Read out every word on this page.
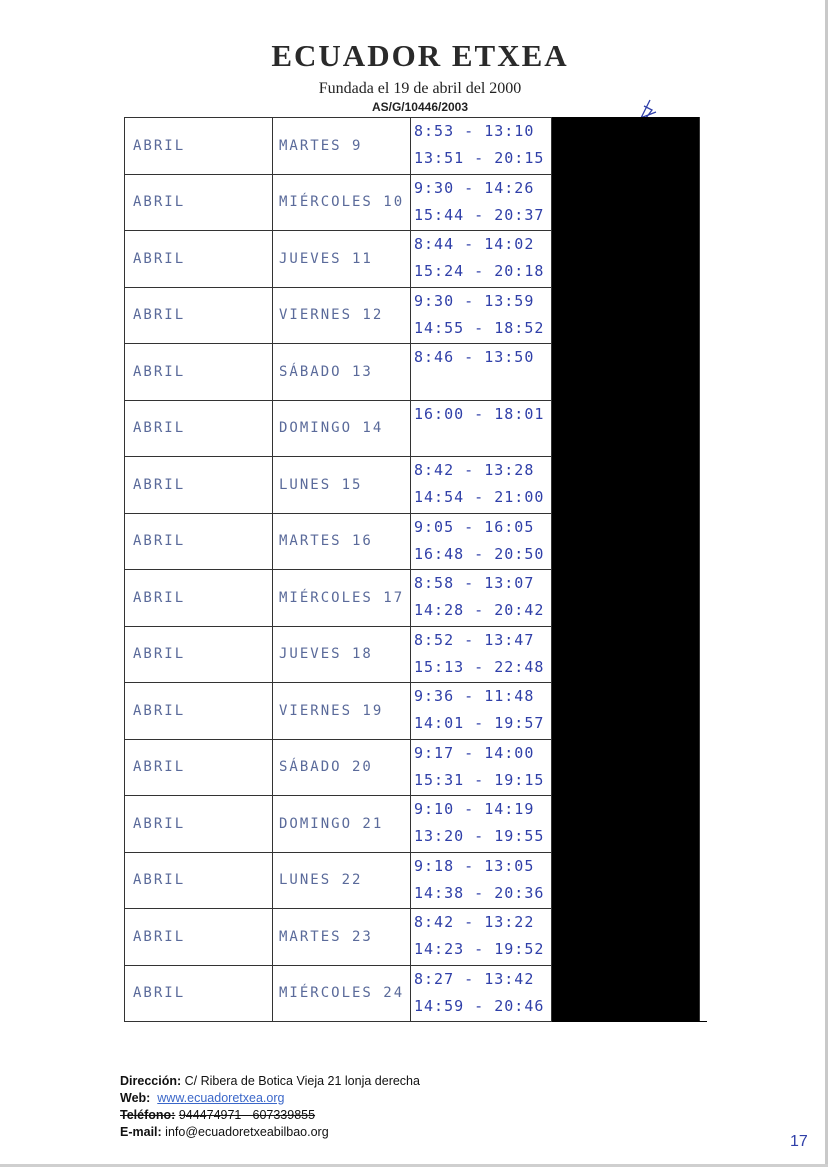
ECUADOR ETXEA
Fundada el 19 de abril del 2000
AS/G/10446/2003
ABRIL	MARTES 9	8:53 - 13:10
13:51 - 20:15	

ABRIL	MIÉRCOLES 10	9:30 - 14:26
15:44 - 20:37	

ABRIL	JUEVES 11	8:44 - 14:02
15:24 - 20:18	

ABRIL	VIERNES 12	9:30 - 13:59
14:55 - 18:52	

ABRIL	SÁBADO 13	8:46 - 13:50	

ABRIL	DOMINGO 14	16:00 - 18:01	

ABRIL	LUNES 15	8:42 - 13:28
14:54 - 21:00	

ABRIL	MARTES 16	9:05 - 16:05
16:48 - 20:50	

ABRIL	MIÉRCOLES 17	8:58 - 13:07
14:28 - 20:42	

ABRIL	JUEVES 18	8:52 - 13:47
15:13 - 22:48	

ABRIL	VIERNES 19	9:36 - 11:48
14:01 - 19:57	

ABRIL	SÁBADO 20	9:17 - 14:00
15:31 - 19:15	

ABRIL	DOMINGO 21	9:10 - 14:19
13:20 - 19:55	

ABRIL	LUNES 22	9:18 - 13:05
14:38 - 20:36	

ABRIL	MARTES 23	8:42 - 13:22
14:23 - 19:52	

ABRIL	MIÉRCOLES 24	8:27 - 13:42
14:59 - 20:46	

Dirección: C/ Ribera de Botica Vieja 21 lonja derecha
Web: www.ecuadoretxea.org
Teléfono: 944474971 - 607339855
E-mail: info@ecuadoretxeabilbao.org
17
